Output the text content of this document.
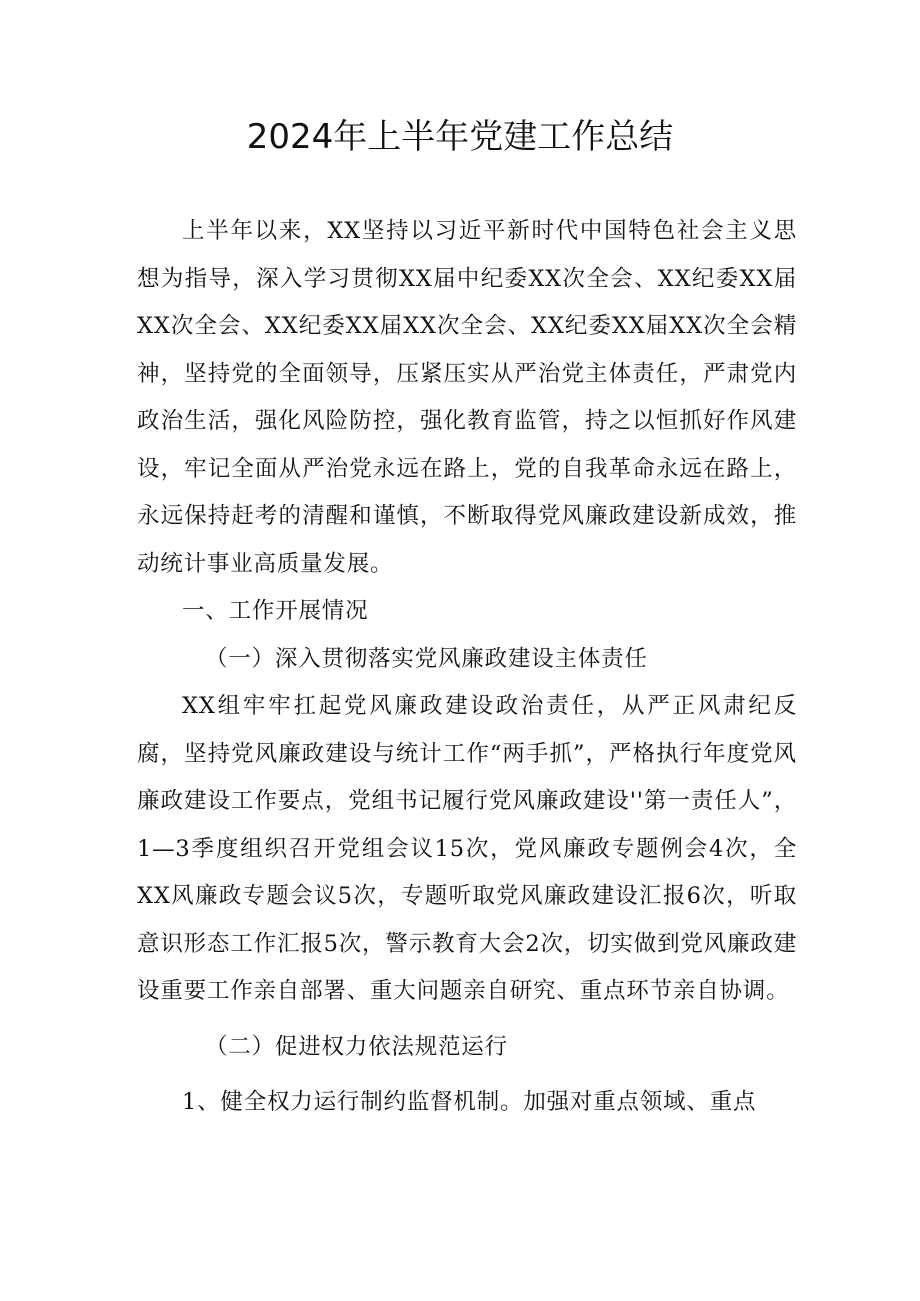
2024年上半年党建工作总结

上半年以来，XX坚持以习近平新时代中国特色社会主义思想为指导，深入学习贯彻XX届中纪委XX次全会、XX纪委XX届XX次全会、XX纪委XX届XX次全会、XX纪委XX届XX次全会精神，坚持党的全面领导，压紧压实从严治党主体责任，严肃党内政治生活，强化风险防控，强化教育监管，持之以恒抓好作风建设，牢记全面从严治党永远在路上，党的自我革命永远在路上，永远保持赶考的清醒和谨慎，不断取得党风廉政建设新成效，推动统计事业高质量发展。

一、工作开展情况

（一）深入贯彻落实党风廉政建设主体责任

XX组牢牢扛起党风廉政建设政治责任，从严正风肃纪反腐，坚持党风廉政建设与统计工作“两手抓”，严格执行年度党风廉政建设工作要点，党组书记履行党风廉政建设''第一责任人”，1—3季度组织召开党组会议15次，党风廉政专题例会4次，全XX风廉政专题会议5次，专题听取党风廉政建设汇报6次，听取意识形态工作汇报5次，警示教育大会2次，切实做到党风廉政建设重要工作亲自部署、重大问题亲自研究、重点环节亲自协调。

（二）促进权力依法规范运行

1、健全权力运行制约监督机制。加强对重点领域、重点
